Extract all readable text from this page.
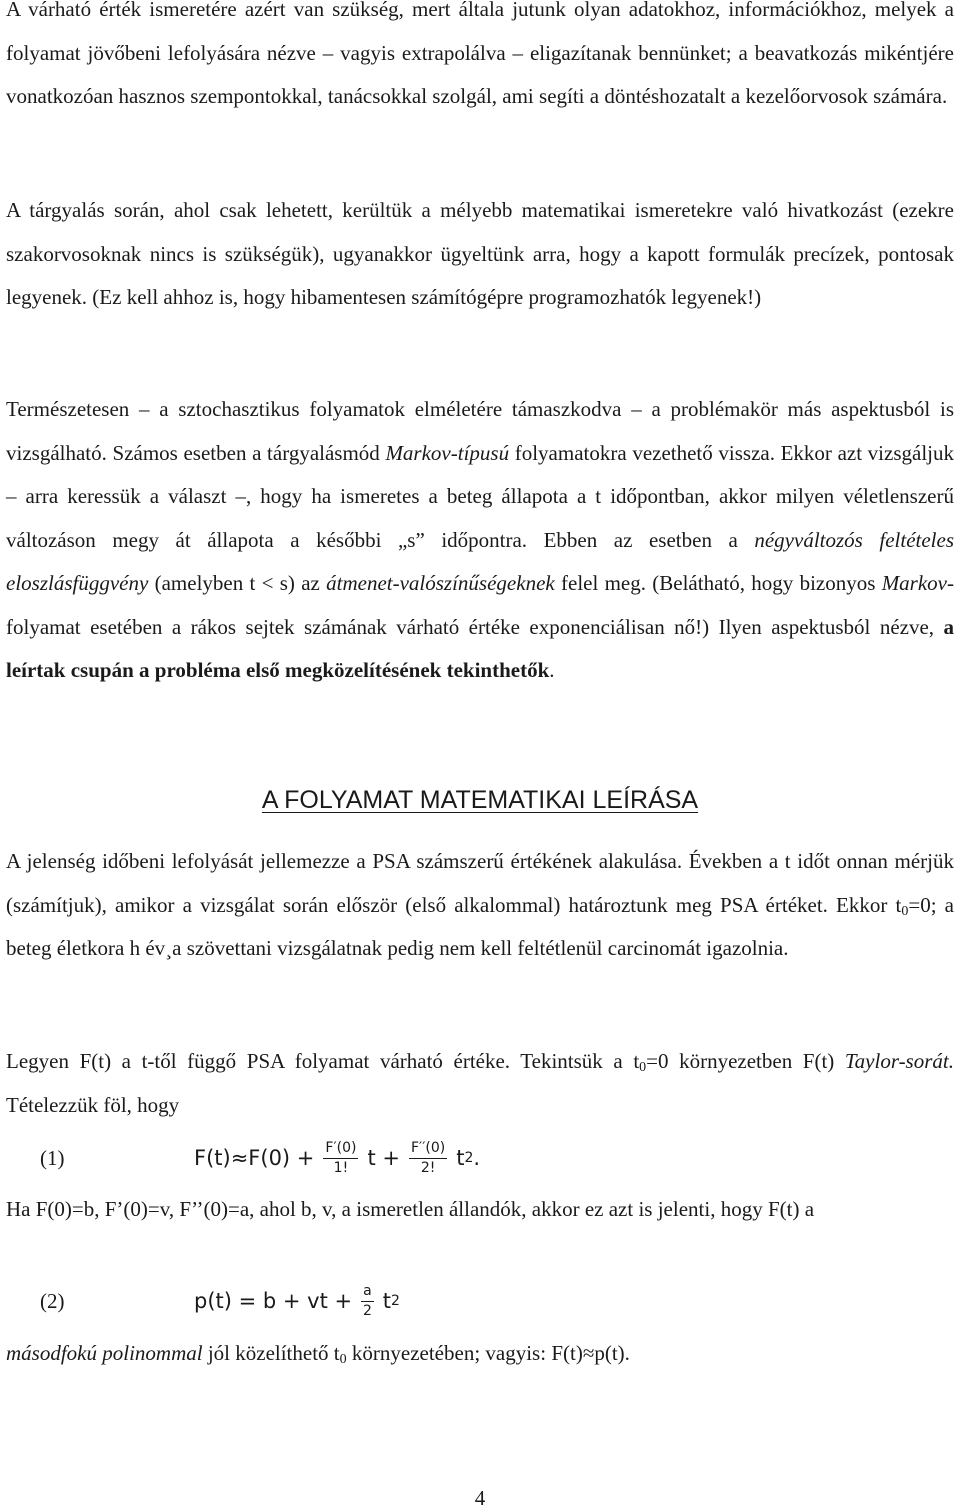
A várható érték ismeretére azért van szükség, mert általa jutunk olyan adatokhoz, információkhoz, melyek a folyamat jövőbeni lefolyására nézve – vagyis extrapolálva – eligazítanak bennünket; a beavatkozás mikéntjére vonatkozóan hasznos szempontokkal, tanácsokkal szolgál, ami segíti a döntéshozatalt a kezelőorvosok számára.

A tárgyalás során, ahol csak lehetett, kerültük a mélyebb matematikai ismeretekre való hivatkozást (ezekre szakorvosoknak nincs is szükségük), ugyanakkor ügyeltünk arra, hogy a kapott formulák precízek, pontosak legyenek. (Ez kell ahhoz is, hogy hibamentesen számítógépre programozhatók legyenek!)

Természetesen – a sztochasztikus folyamatok elméletére támaszkodva – a problémakör más aspektusból is vizsgálható. Számos esetben a tárgyalásmód Markov-típusú folyamatokra vezethető vissza. Ekkor azt vizsgáljuk – arra keressük a választ –, hogy ha ismeretes a beteg állapota a t időpontban, akkor milyen véletlenszerű változáson megy át állapota a későbbi „s” időpontra. Ebben az esetben a négyváltozós feltételes eloszlásfüggvény (amelyben t < s) az átmenet-valószínűségeknek felel meg. (Belátható, hogy bizonyos Markov-folyamat esetében a rákos sejtek számának várható értéke exponenciálisan nő!) Ilyen aspektusból nézve, a leírtak csupán a probléma első megközelítésének tekinthetők.

A FOLYAMAT MATEMATIKAI LEÍRÁSA

A jelenség időbeni lefolyását jellemezze a PSA számszerű értékének alakulása. Években a t időt onnan mérjük (számítjuk), amikor a vizsgálat során először (első alkalommal) határoztunk meg PSA értéket. Ekkor $t_0=0$; a beteg életkora h év¸a szövettani vizsgálatnak pedig nem kell feltétlenül carcinomát igazolnia.

Legyen F(t) a t-től függő PSA folyamat várható értéke. Tekintsük a $t_0=0$ környezetben F(t) Taylor-sorát. Tételezzük föl, hogy

(1)	$F(t)\approx F(0) + \frac{F'(0)}{1!}$ $t + \frac{F''(0)}{2!}$ t 2 .

Ha F(0)=b, F’(0)=v, F’’(0)=a, ahol b, v, a ismeretlen állandók, akkor ez azt is jelenti, hogy F(t) a

(2)	p(t) = b + vt + $\frac{a}{2}$ t 2

másodfokú polinommal jól közelíthető $t_0$ környezetében; vagyis: F(t)≈p(t).

4
